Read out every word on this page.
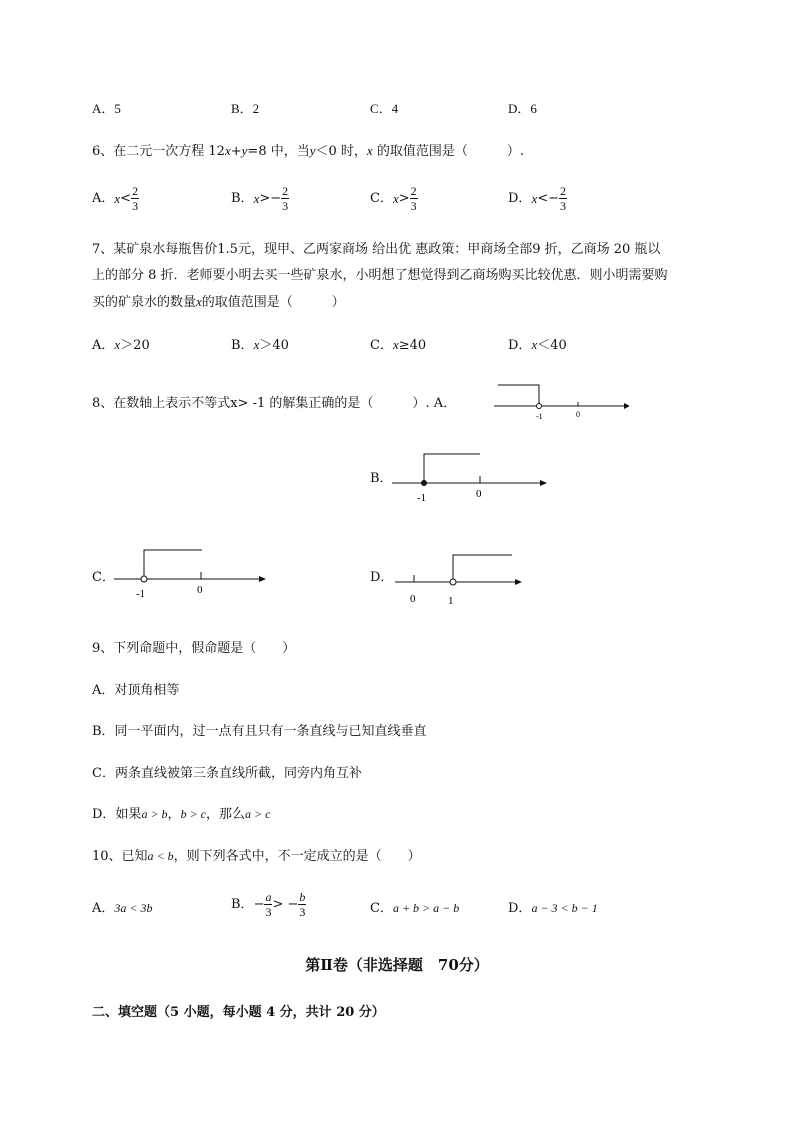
A．5	B．2	C．4	D．6
6、在二元一次方程 12x+y=8 中，当y＜0 时，x 的取值范围是（　　　）.
A． $x < \frac{2}{3}$	B． x > − $\frac{2}{3}$	C． $x > \frac{2}{3}$	D． x < − $\frac{2}{3}$
7、某矿泉水每瓶售价1.5元，现甲、乙两家商场 给出优 惠政策：甲商场全部9 折，乙商场 20 瓶以
上的部分 8 折．老师要小明去买一些矿泉水，小明想了想觉得到乙商场购买比较优惠．则小明需要购
买的矿泉水的数量x的取值范围是（　　　）
A．x＞20	B．x＞40	C．x≥40	D．x＜40
8、在数轴上表示不等式x> -1 的解集正确的是（　　　）. A．
-1	0
B．
-1	0
C．
-1	0
D．
0	1
9、下列命题中，假命题是（　　）
A．对顶角相等
B．同一平面内，过一点有且只有一条直线与已知直线垂直
C．两条直线被第三条直线所截，同旁内角互补
D．如果a > b，b > c，那么a > c
10、已知a < b，则下列各式中，不一定成立的是（　　）
A．3a < 3b	B． − $\frac{a}{3}$ > − $\frac{b}{3}$	C．a + b > a − b	D．a − 3 < b − 1
第Ⅱ卷（非选择题　70分）
二、填空题（5 小题，每小题 4 分，共计 20 分）
